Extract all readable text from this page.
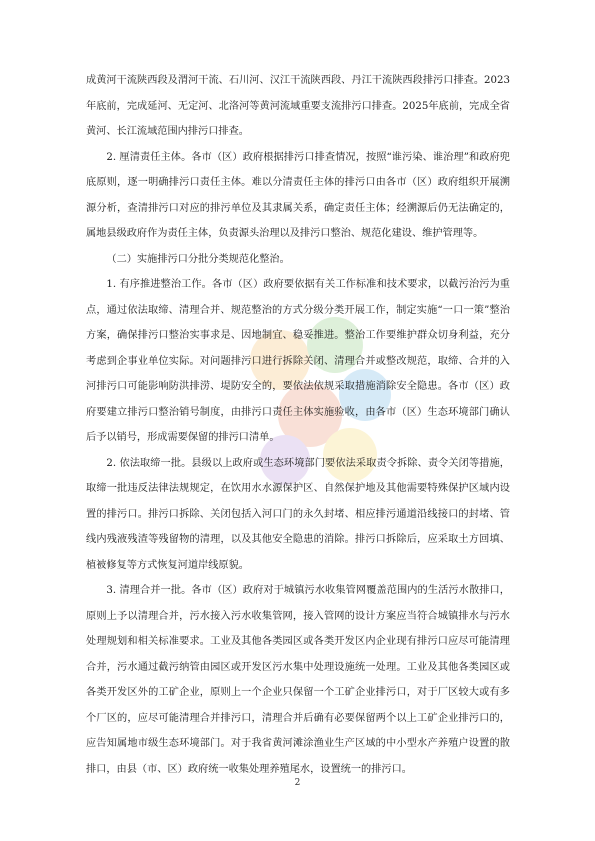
成黄河干流陕西段及渭河干流、石川河、汉江干流陕西段、丹江干流陕西段排污口排查。2023年底前，完成延河、无定河、北洛河等黄河流域重要支流排污口排查。2025年底前，完成全省黄河、长江流域范围内排污口排查。

2. 厘清责任主体。各市（区）政府根据排污口排查情况，按照“谁污染、谁治理”和政府兜底原则，逐一明确排污口责任主体。难以分清责任主体的排污口由各市（区）政府组织开展溯源分析，查清排污口对应的排污单位及其隶属关系，确定责任主体；经溯源后仍无法确定的，属地县级政府作为责任主体，负责源头治理以及排污口整治、规范化建设、维护管理等。

（二）实施排污口分批分类规范化整治。

1. 有序推进整治工作。各市（区）政府要依据有关工作标准和技术要求，以截污治污为重点，通过依法取缔、清理合并、规范整治的方式分级分类开展工作，制定实施“一口一策”整治方案，确保排污口整治实事求是、因地制宜、稳妥推进。整治工作要维护群众切身利益，充分考虑到企事业单位实际。对问题排污口进行拆除关闭、清理合并或整改规范，取缔、合并的入河排污口可能影响防洪排涝、堤防安全的，要依法依规采取措施消除安全隐患。各市（区）政府要建立排污口整治销号制度，由排污口责任主体实施验收，由各市（区）生态环境部门确认后予以销号，形成需要保留的排污口清单。

2. 依法取缔一批。县级以上政府或生态环境部门要依法采取责令拆除、责令关闭等措施，取缔一批违反法律法规规定，在饮用水水源保护区、自然保护地及其他需要特殊保护区域内设置的排污口。排污口拆除、关闭包括入河口门的永久封堵、相应排污通道沿线接口的封堵、管线内残液残渣等残留物的清理，以及其他安全隐患的消除。排污口拆除后，应采取土方回填、植被修复等方式恢复河道岸线原貌。

3. 清理合并一批。各市（区）政府对于城镇污水收集管网覆盖范围内的生活污水散排口，原则上予以清理合并，污水接入污水收集管网，接入管网的设计方案应当符合城镇排水与污水处理规划和相关标准要求。工业及其他各类园区或各类开发区内企业现有排污口应尽可能清理合并，污水通过截污纳管由园区或开发区污水集中处理设施统一处理。工业及其他各类园区或各类开发区外的工矿企业，原则上一个企业只保留一个工矿企业排污口，对于厂区较大或有多个厂区的，应尽可能清理合并排污口，清理合并后确有必要保留两个以上工矿企业排污口的，应告知属地市级生态环境部门。对于我省黄河滩涂渔业生产区域的中小型水产养殖户设置的散排口，由县（市、区）政府统一收集处理养殖尾水，设置统一的排污口。

2
